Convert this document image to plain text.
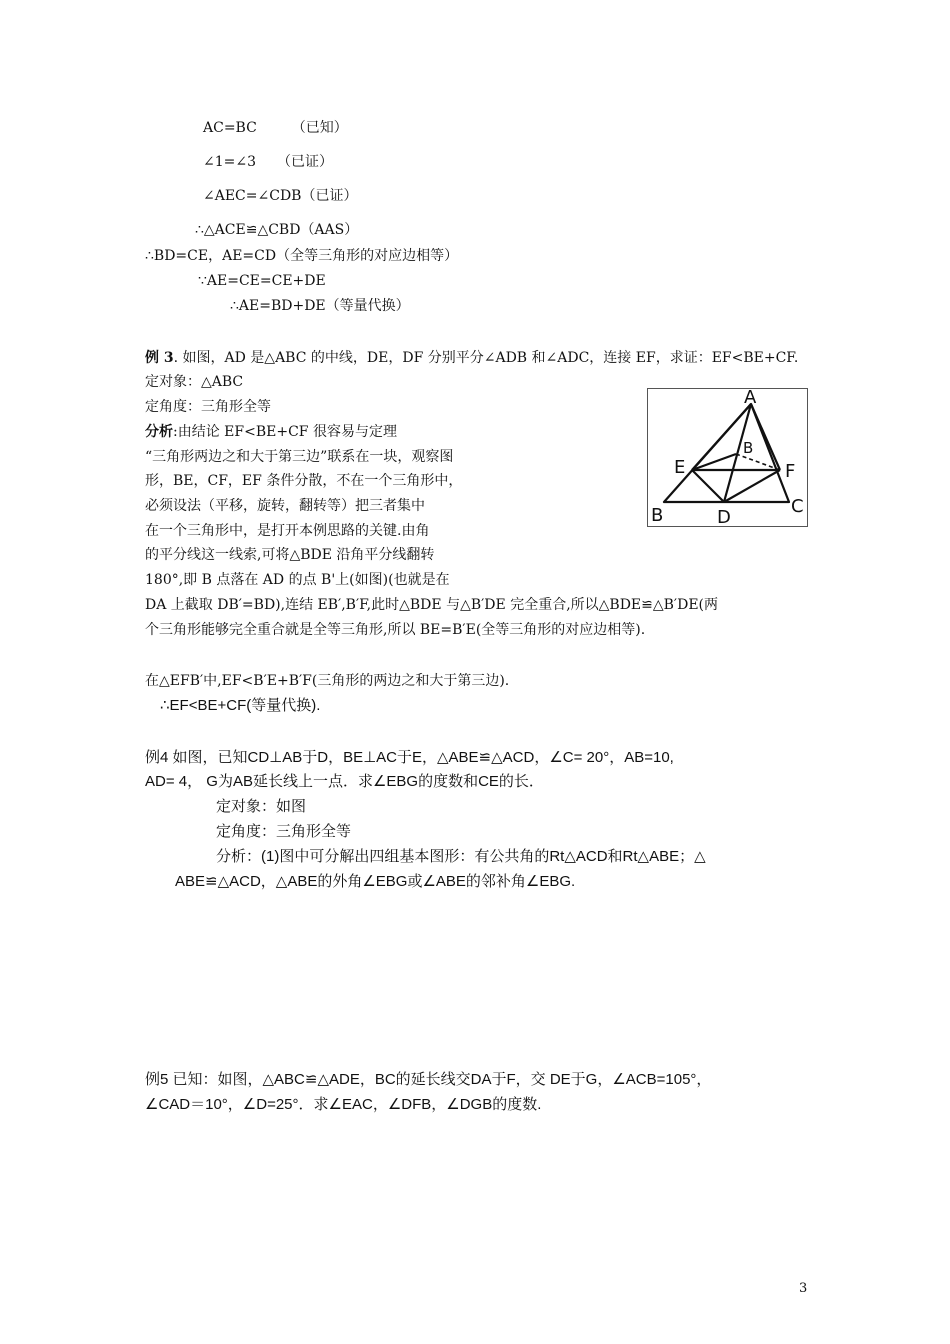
AC=BC　　　（已知）
∠1=∠3　　（已证）
∠AEC=∠CDB（已证）
∴△ACE≌△CBD（AAS）
∴BD=CE，AE=CD（全等三角形的对应边相等）
∵AE=CE=CE+DE
∴AE=BD+DE（等量代换）
例 3. 如图，AD 是△ABC 的中线，DE，DF 分别平分∠ADB 和∠ADC，连接 EF，求证：EF<BE+CF.
定对象：△ABC
定角度：三角形全等
分析:由结论 EF<BE+CF 很容易与定理
“三角形两边之和大于第三边”联系在一块，观察图
形，BE，CF，EF 条件分散，不在一个三角形中，
必须设法（平移，旋转，翻转等）把三者集中
在一个三角形中，是打开本例思路的关键.由角
的平分线这一线索,可将△BDE 沿角平分线翻转
180°,即 B 点落在 AD 的点 B'上(如图)(也就是在
DA 上截取 DB′=BD),连结 EB′,B′F,此时△BDE 与△B′DE 完全重合,所以△BDE≌△B′DE(两
个三角形能够完全重合就是全等三角形,所以 BE=B′E(全等三角形的对应边相等).
在△EFB′中,EF<B′E+B′F(三角形的两边之和大于第三边).
∴EF<BE+CF(等量代换).
A
B	C
D
E	F
B
例4 如图，已知CD⊥AB于D，BE⊥AC于E，△ABE≌△ACD，∠C= 20°，AB=10,
AD= 4， G为AB延长线上一点．求∠EBG的度数和CE的长．
定对象：如图
定角度：三角形全等
分析：(1)图中可分解出四组基本图形：有公共角的Rt△ACD和Rt△ABE；△
ABE≌△ACD，△ABE的外角∠EBG或∠ABE的邻补角∠EBG.
例5 已知：如图，△ABC≌△ADE，BC的延长线交DA于F，交 DE于G，∠ACB=105°，
∠CAD＝10°，∠D=25°．求∠EAC，∠DFB，∠DGB的度数.
3
